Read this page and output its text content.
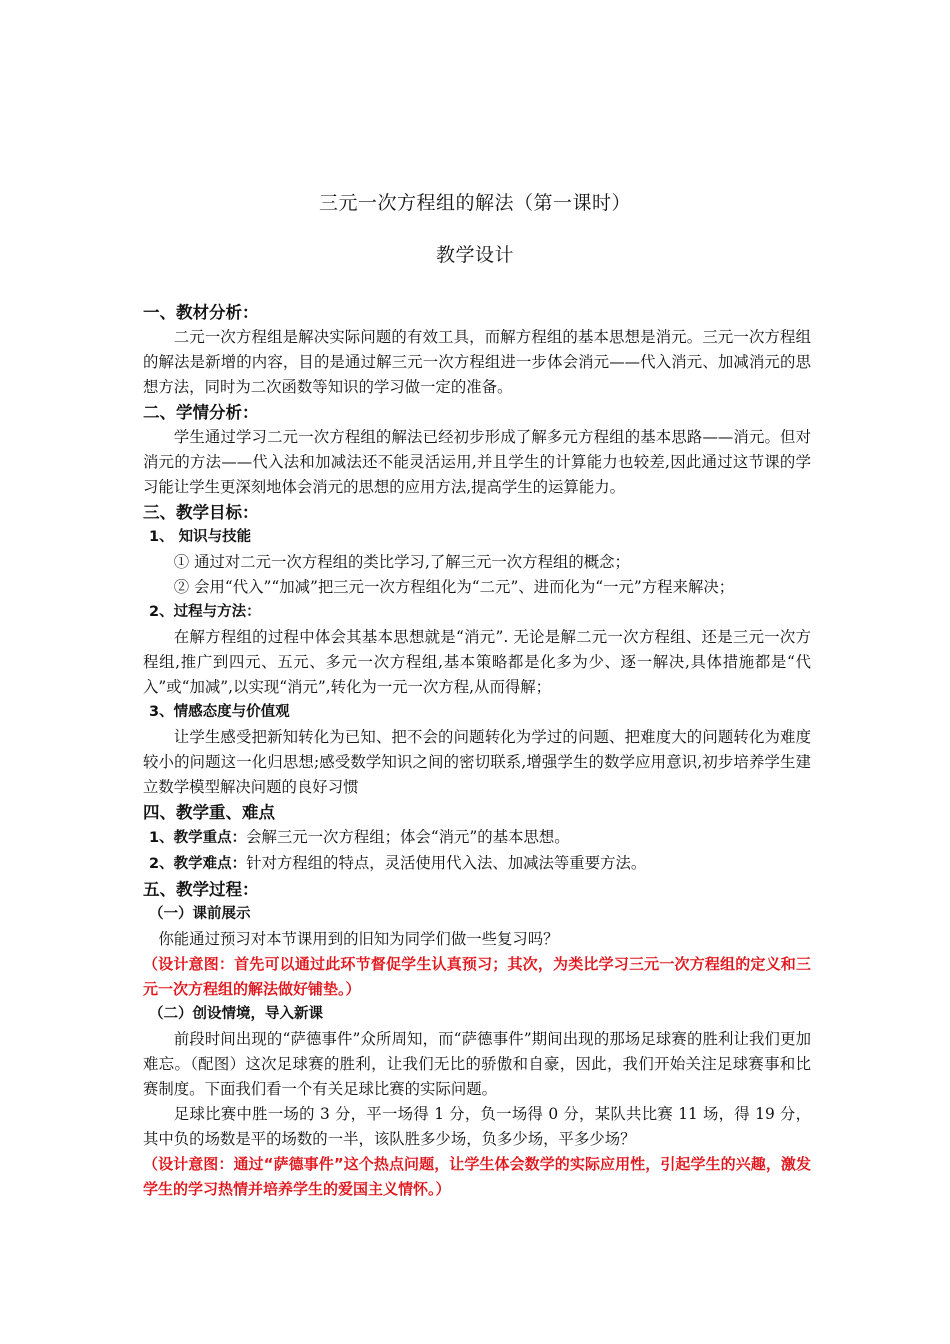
三元一次方程组的解法（第一课时）
教学设计
一、教材分析：
二元一次方程组是解决实际问题的有效工具，而解方程组的基本思想是消元。三元一次方程组的解法是新增的内容，目的是通过解三元一次方程组进一步体会消元——代入消元、加减消元的思想方法，同时为二次函数等知识的学习做一定的准备。
二、学情分析：
学生通过学习二元一次方程组的解法已经初步形成了解多元方程组的基本思路——消元。但对消元的方法——代入法和加减法还不能灵活运用,并且学生的计算能力也较差,因此通过这节课的学习能让学生更深刻地体会消元的思想的应用方法,提高学生的运算能力。
三、教学目标：
1、 知识与技能
① 通过对二元一次方程组的类比学习,了解三元一次方程组的概念；
② 会用“代入”“加减”把三元一次方程组化为“二元”、进而化为“一元”方程来解决；
2、过程与方法：
在解方程组的过程中体会其基本思想就是“消元”. 无论是解二元一次方程组、还是三元一次方程组,推广到四元、五元、多元一次方程组,基本策略都是化多为少、逐一解决,具体措施都是“代入”或“加减”,以实现“消元”,转化为一元一次方程,从而得解；
3、情感态度与价值观
让学生感受把新知转化为已知、把不会的问题转化为学过的问题、把难度大的问题转化为难度较小的问题这一化归思想;感受数学知识之间的密切联系,增强学生的数学应用意识,初步培养学生建立数学模型解决问题的良好习惯
四、教学重、难点
1、教学重点：会解三元一次方程组；体会“消元”的基本思想。
2、教学难点：针对方程组的特点，灵活使用代入法、加减法等重要方法。
五、教学过程：
（一）课前展示
你能通过预习对本节课用到的旧知为同学们做一些复习吗？
（设计意图：首先可以通过此环节督促学生认真预习；其次，为类比学习三元一次方程组的定义和三元一次方程组的解法做好铺垫。）
（二）创设情境，导入新课
前段时间出现的“萨德事件”众所周知，而“萨德事件”期间出现的那场足球赛的胜利让我们更加难忘。（配图）这次足球赛的胜利，让我们无比的骄傲和自豪，因此，我们开始关注足球赛事和比赛制度。下面我们看一个有关足球比赛的实际问题。
足球比赛中胜一场的 3 分，平一场得 1 分，负一场得 0 分，某队共比赛 11 场，得 19 分，其中负的场数是平的场数的一半，该队胜多少场，负多少场，平多少场？
（设计意图：通过“萨德事件”这个热点问题，让学生体会数学的实际应用性，引起学生的兴趣，激发学生的学习热情并培养学生的爱国主义情怀。）
